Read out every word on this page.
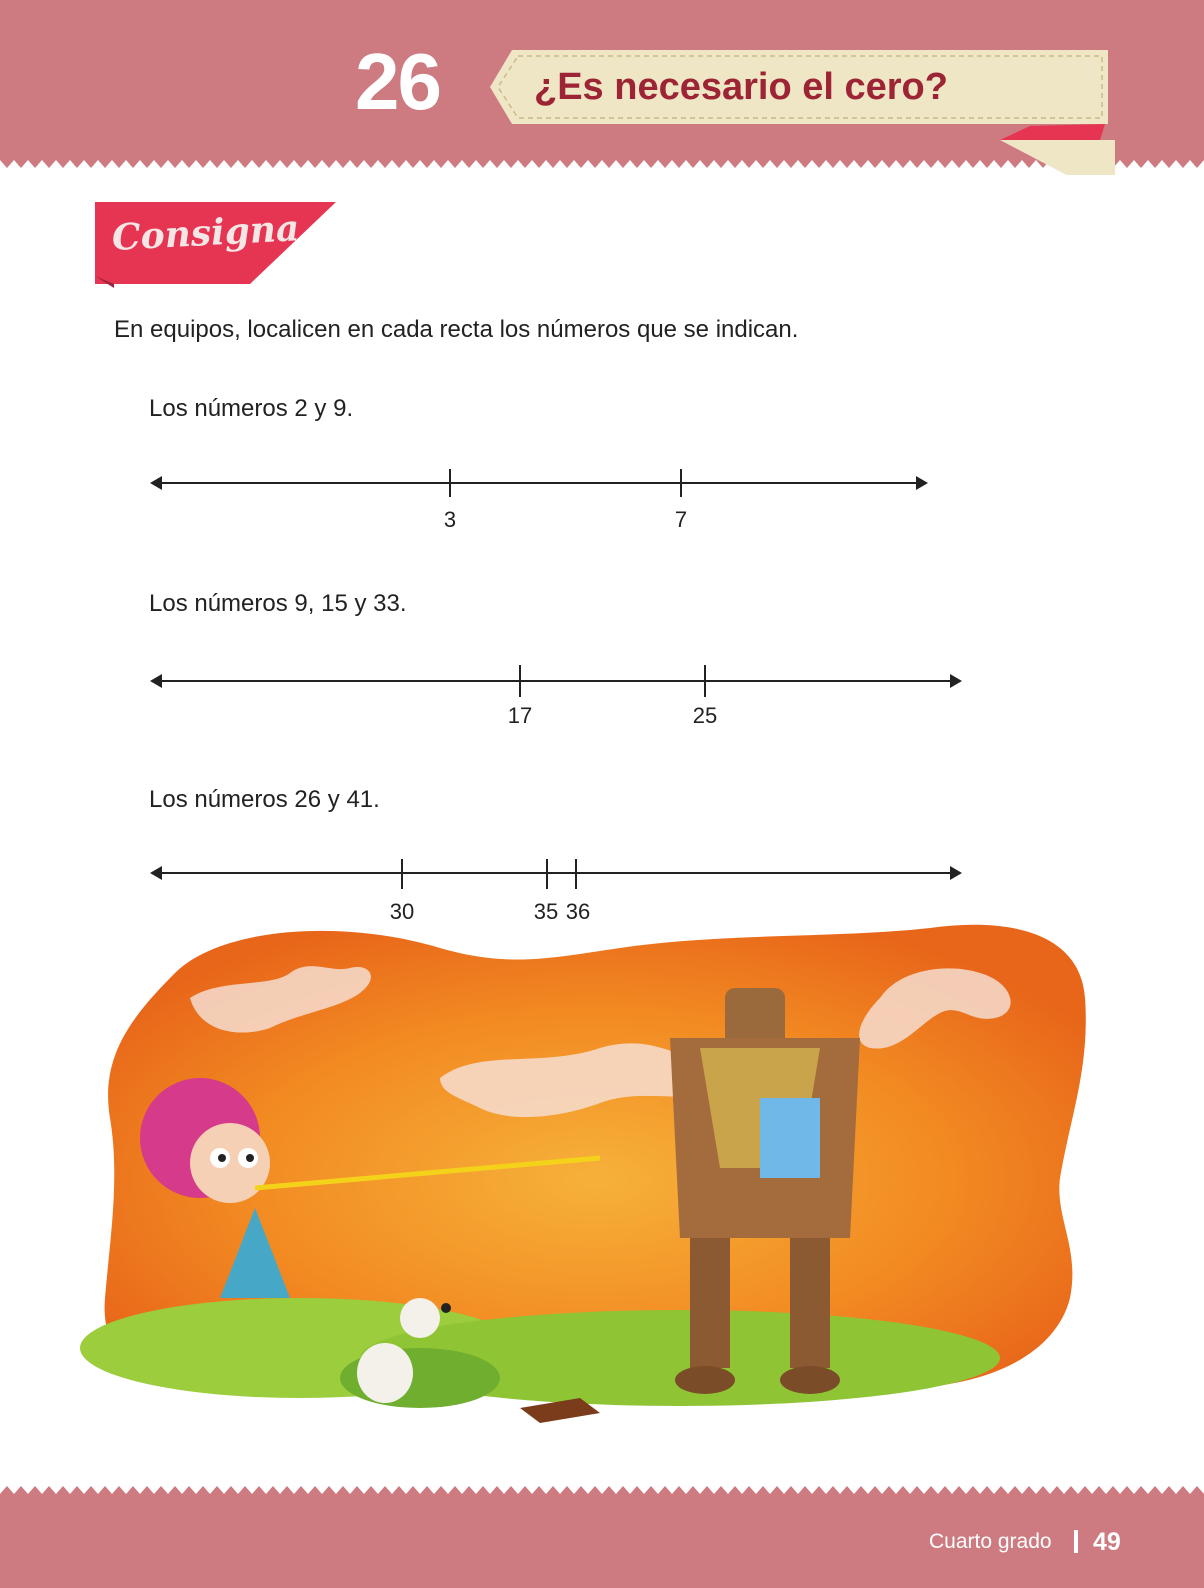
26	¿Es necesario el cero?
Consigna
En equipos, localicen en cada recta los números que se indican.
Los números 2 y 9.
3	7
Los números 9, 15 y 33.
17	25
Los números 26 y 41.
30	35 36
Cuarto grado 49
